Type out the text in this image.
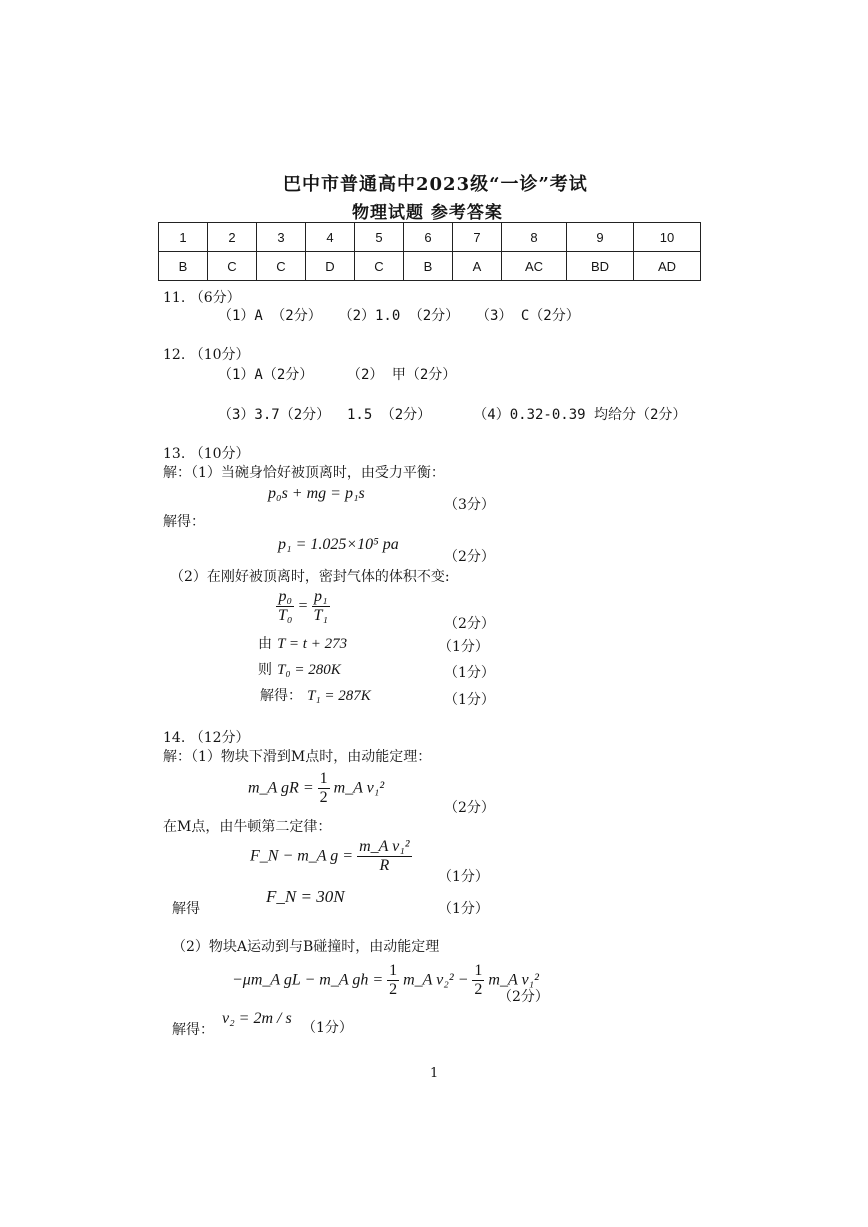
巴中市普通高中2023级“一诊”考试
物理试题 参考答案
1	2	3	4	5	6	7	8	9	10
B	C	C	D	C	B	A	AC	BD	AD
11. （6分）
（1）A （2分）  （2）1.0 （2分）  （3） C（2分）
12. （10分）
（1）A（2分）    （2） 甲（2分）
（3）3.7（2分）  1.5 （2分）     （4）0.32-0.39 均给分（2分）
13. （10分）
解：（1）当碗身恰好被顶离时，由受力平衡：
p₀s + mg = p₁s
（3分）
解得：
p₁ = 1.025×10⁵ pa
（2分）
（2）在刚好被顶离时，密封气体的体积不变:
$\frac{\text{p₀}}{\text{T₀}} = \frac{\text{p₁}}{\text{T₁}}$	（2分）
由 T = t + 273	（1分）
则 T₀ = 280K	（1分）
解得： T₁ = 287K	（1分）
14. （12分）
解：（1）物块下滑到M点时，由动能定理：
m_A gR = $\frac{1}{2}$ m_A v₁²
（2分）
在M点，由牛顿第二定律：
F_N − m_A $g = \frac{\text{m\_A v₁²}}{R}$
（1分）
解得
F_N = 30N
（1分）
（2）物块A运动到与B碰撞时，由动能定理
−μm_A gL − m_A gh = $\frac{1}{2}$ m_A $v_2^2 - \frac{1}{2}$ m_A v₁²
（2分）
解得：
v₂ = 2m / s
（1分）
1
